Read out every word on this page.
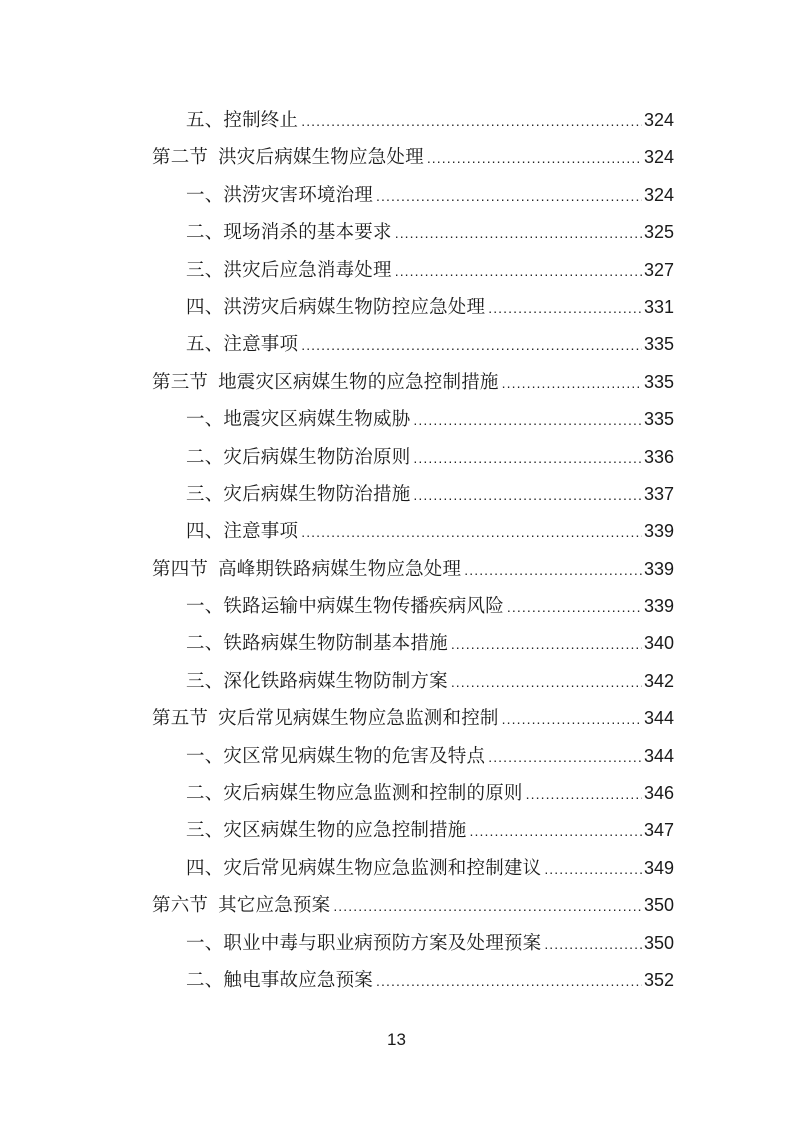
五、控制终止 .....	324
第二节 洪灾后病媒生物应急处理 .....	324
一、洪涝灾害环境治理 .....	324
二、现场消杀的基本要求 .....	325
三、洪灾后应急消毒处理 .....	327
四、洪涝灾后病媒生物防控应急处理 .....	331
五、注意事项 .....	335
第三节 地震灾区病媒生物的应急控制措施 .....	335
一、地震灾区病媒生物威胁 .....	335
二、灾后病媒生物防治原则 .....	336
三、灾后病媒生物防治措施 .....	337
四、注意事项 .....	339
第四节 高峰期铁路病媒生物应急处理 .....	339
一、铁路运输中病媒生物传播疾病风险 .....	339
二、铁路病媒生物防制基本措施 .....	340
三、深化铁路病媒生物防制方案 .....	342
第五节 灾后常见病媒生物应急监测和控制 .....	344
一、灾区常见病媒生物的危害及特点 .....	344
二、灾后病媒生物应急监测和控制的原则 .....	346
三、灾区病媒生物的应急控制措施 .....	347
四、灾后常见病媒生物应急监测和控制建议 .....	349
第六节 其它应急预案 .....	350
一、职业中毒与职业病预防方案及处理预案 .....	350
二、触电事故应急预案 .....	352
13
